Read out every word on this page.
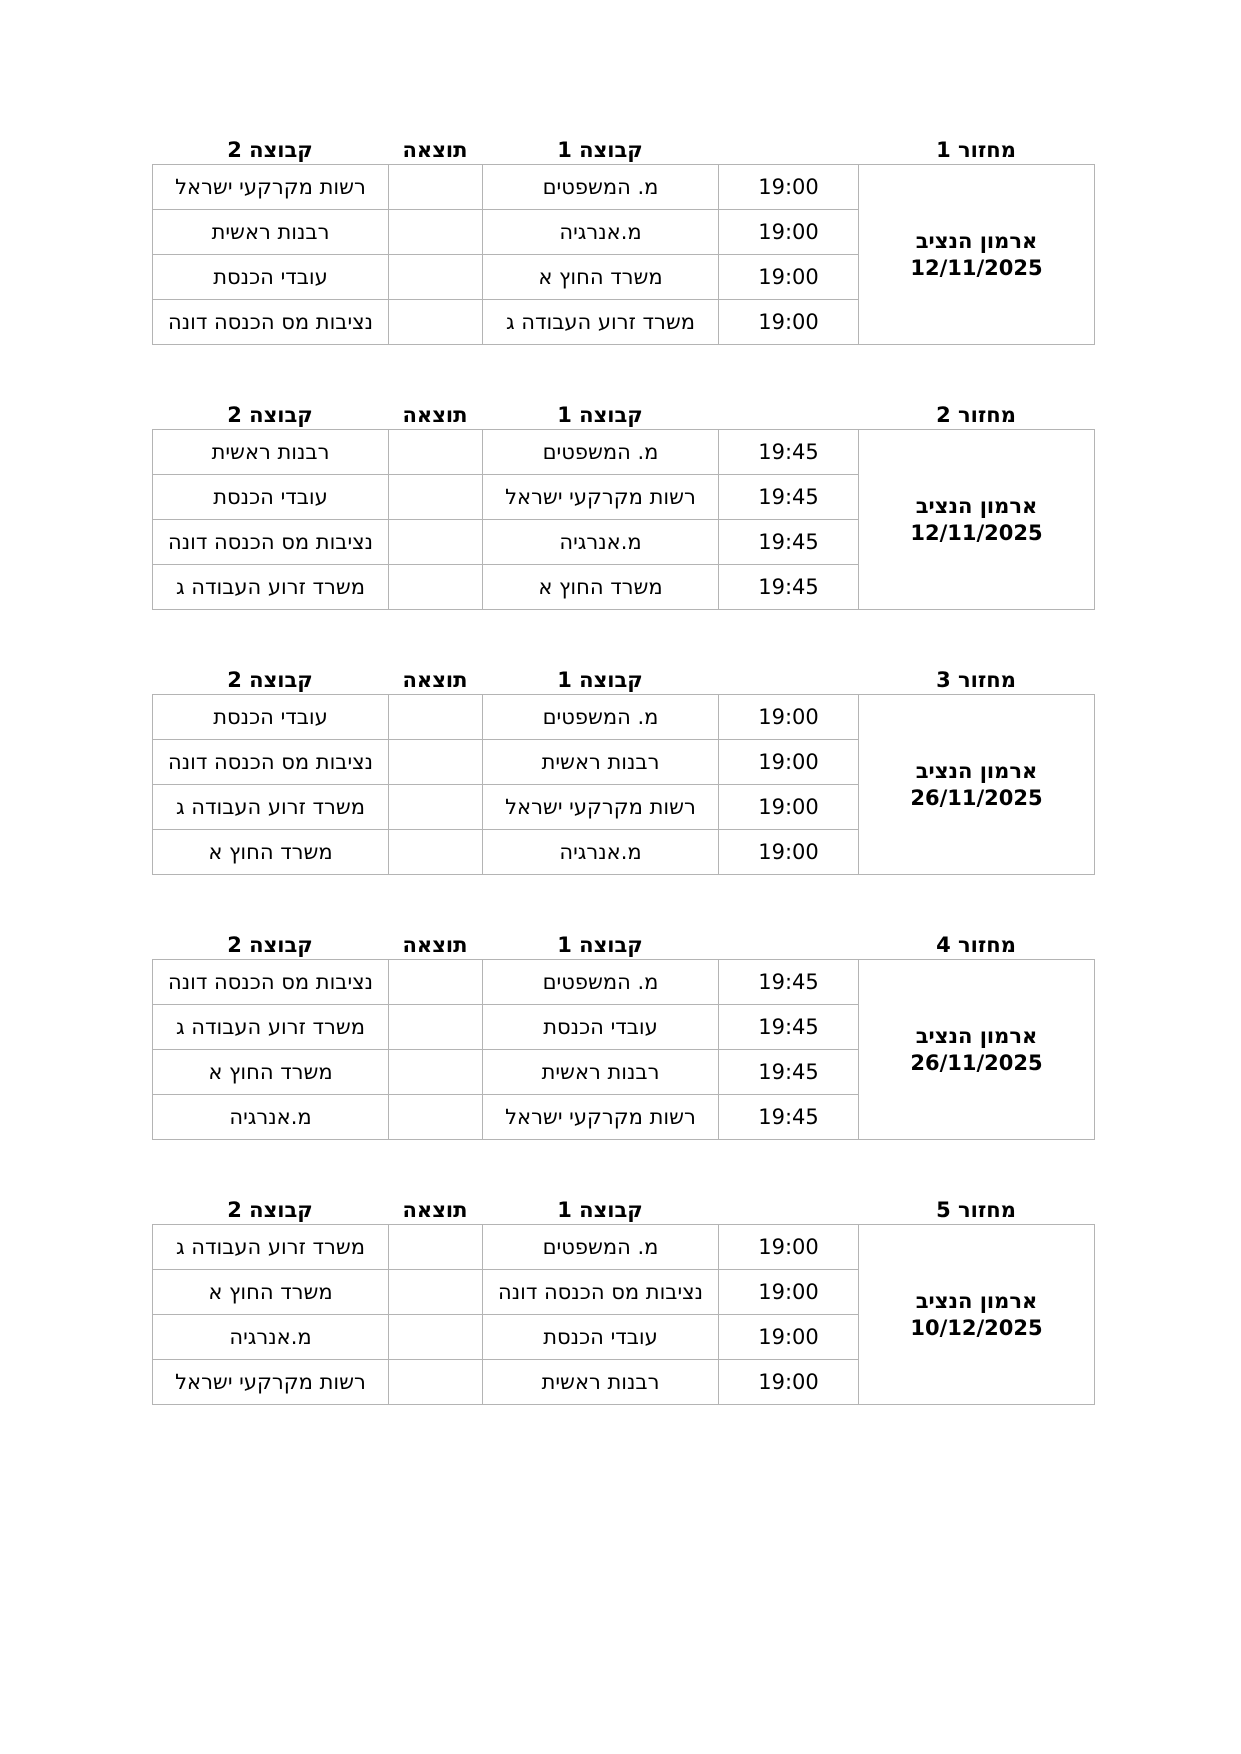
קבוצה 2	תוצאה	קבוצה 1	מחזור 1
רשות מקרקעי ישראל		מ. המשפטים	19:00	ארמון הנציב
12/11/2025

רבנות ראשית		מ.אנרגיה	19:00	
עובדי הכנסת		משרד החוץ א	19:00	
נציבות מס הכנסה דונה		משרד זרוע העבודה ג	19:00	
קבוצה 2	תוצאה	קבוצה 1	מחזור 2
רבנות ראשית		מ. המשפטים	19:45	ארמון הנציב
12/11/2025

עובדי הכנסת		רשות מקרקעי ישראל	19:45	
נציבות מס הכנסה דונה		מ.אנרגיה	19:45	
משרד זרוע העבודה ג		משרד החוץ א	19:45	
קבוצה 2	תוצאה	קבוצה 1	מחזור 3
עובדי הכנסת		מ. המשפטים	19:00	ארמון הנציב
26/11/2025

נציבות מס הכנסה דונה		רבנות ראשית	19:00	
משרד זרוע העבודה ג		רשות מקרקעי ישראל	19:00	
משרד החוץ א		מ.אנרגיה	19:00	
קבוצה 2	תוצאה	קבוצה 1	מחזור 4
נציבות מס הכנסה דונה		מ. המשפטים	19:45	ארמון הנציב
26/11/2025

משרד זרוע העבודה ג		עובדי הכנסת	19:45	
משרד החוץ א		רבנות ראשית	19:45	
מ.אנרגיה		רשות מקרקעי ישראל	19:45	
קבוצה 2	תוצאה	קבוצה 1	מחזור 5
משרד זרוע העבודה ג		מ. המשפטים	19:00	ארמון הנציב
10/12/2025

משרד החוץ א		נציבות מס הכנסה דונה	19:00	
מ.אנרגיה		עובדי הכנסת	19:00	
רשות מקרקעי ישראל		רבנות ראשית	19:00	
